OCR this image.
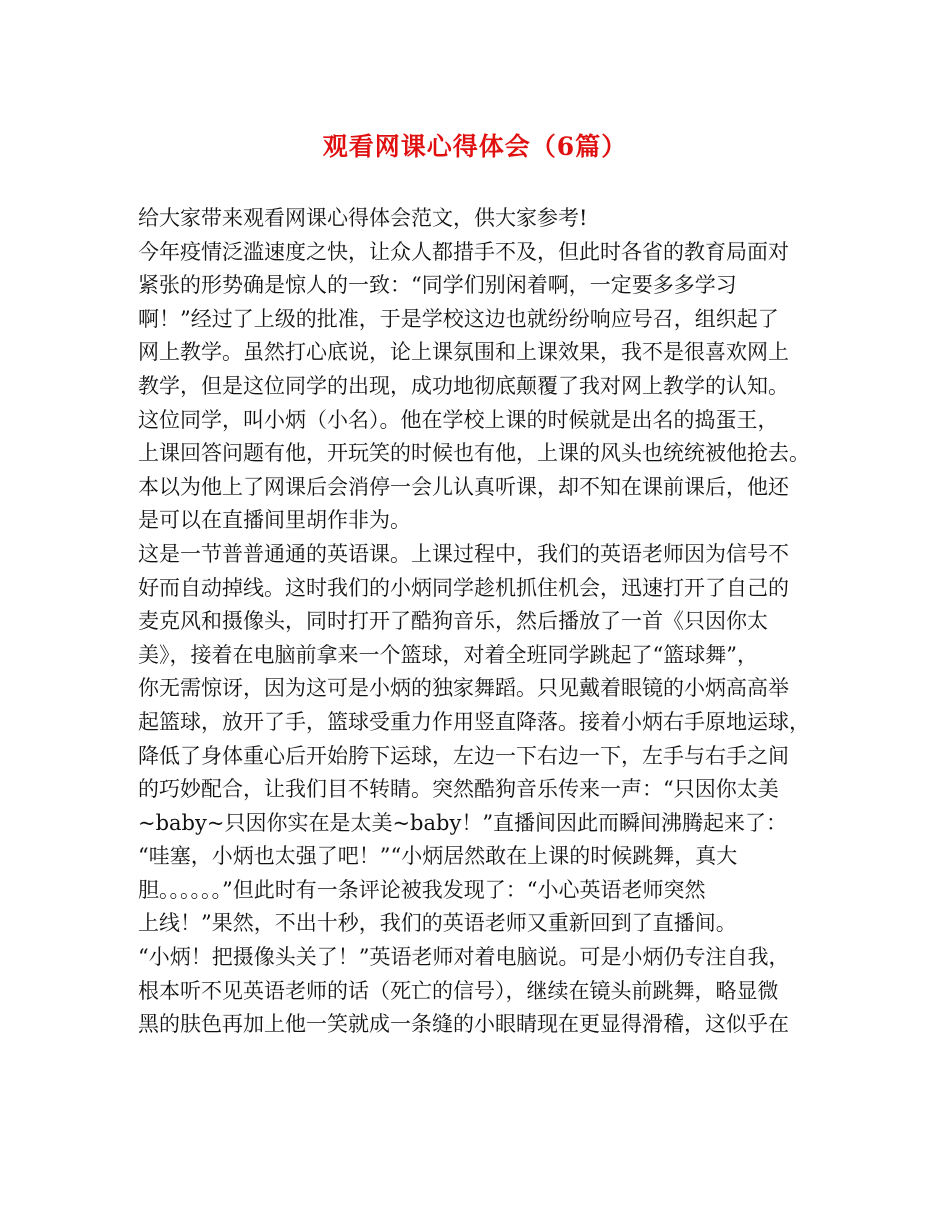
观看网课心得体会（6篇）
给大家带来观看网课心得体会范文，供大家参考!
今年疫情泛滥速度之快，让众人都措手不及，但此时各省的教育局面对
紧张的形势确是惊人的一致：“同学们别闲着啊，一定要多多学习
啊！”经过了上级的批准，于是学校这边也就纷纷响应号召，组织起了
网上教学。虽然打心底说，论上课氛围和上课效果，我不是很喜欢网上
教学，但是这位同学的出现，成功地彻底颠覆了我对网上教学的认知。
这位同学，叫小炳（小名）。他在学校上课的时候就是出名的捣蛋王，
上课回答问题有他，开玩笑的时候也有他，上课的风头也统统被他抢去。
本以为他上了网课后会消停一会儿认真听课，却不知在课前课后，他还
是可以在直播间里胡作非为。
这是一节普普通通的英语课。上课过程中，我们的英语老师因为信号不
好而自动掉线。这时我们的小炳同学趁机抓住机会，迅速打开了自己的
麦克风和摄像头，同时打开了酷狗音乐，然后播放了一首《只因你太
美》，接着在电脑前拿来一个篮球，对着全班同学跳起了“篮球舞”，
你无需惊讶，因为这可是小炳的独家舞蹈。只见戴着眼镜的小炳高高举
起篮球，放开了手，篮球受重力作用竖直降落。接着小炳右手原地运球，
降低了身体重心后开始胯下运球，左边一下右边一下，左手与右手之间
的巧妙配合，让我们目不转睛。突然酷狗音乐传来一声：“只因你太美
~baby~只因你实在是太美~baby！”直播间因此而瞬间沸腾起来了：
“哇塞，小炳也太强了吧！”“小炳居然敢在上课的时候跳舞，真大
胆。。。。。。”但此时有一条评论被我发现了：“小心英语老师突然
上线！”果然，不出十秒，我们的英语老师又重新回到了直播间。
“小炳！把摄像头关了！”英语老师对着电脑说。可是小炳仍专注自我，
根本听不见英语老师的话（死亡的信号），继续在镜头前跳舞，略显微
黑的肤色再加上他一笑就成一条缝的小眼睛现在更显得滑稽，这似乎在
